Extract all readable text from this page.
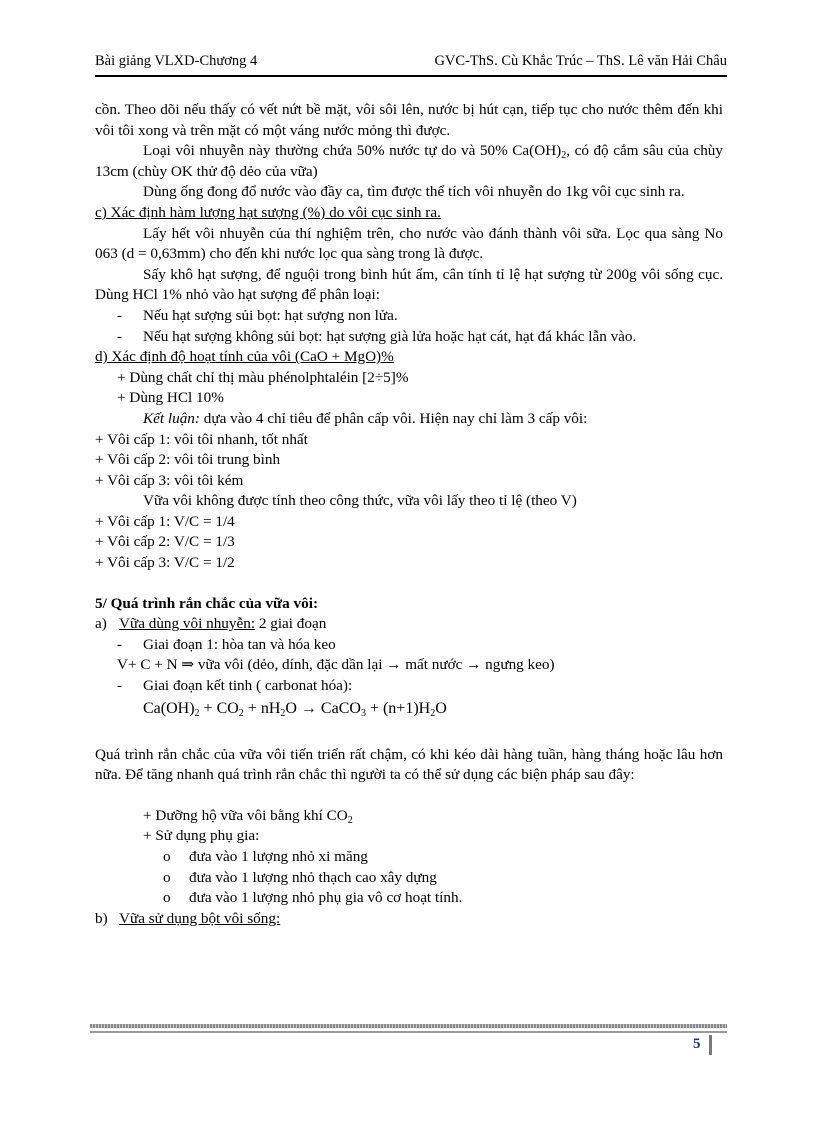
Bài giảng VLXD-Chương 4	GVC-ThS. Cù Khắc Trúc – ThS. Lê văn Hải Châu

cồn. Theo dõi nếu thấy có vết nứt bề mặt, vôi sôi lên, nước bị hút cạn, tiếp tục cho nước thêm đến khi vôi tôi xong và trên mặt có một váng nước mỏng thì được.

Loại vôi nhuyễn này thường chứa 50% nước tự do và 50% $Ca(OH)_2$, có độ cắm sâu của chùy 13cm (chùy OK thử độ dẻo của vữa)

Dùng ống đong đổ nước vào đầy ca, tìm được thể tích vôi nhuyễn do 1kg vôi cục sinh ra.

c) Xác định hàm lượng hạt sượng (%) do vôi cục sinh ra.

Lấy hết vôi nhuyễn của thí nghiệm trên, cho nước vào đánh thành vôi sữa. Lọc qua sàng No 063 (d = 0,63mm) cho đến khi nước lọc qua sàng trong là được.

Sấy khô hạt sượng, để nguội trong bình hút ẩm, cân tính tỉ lệ hạt sượng từ 200g vôi sống cục. Dùng HCl 1% nhỏ vào hạt sượng để phân loại:

-	Nếu hạt sượng sủi bọt: hạt sượng non lửa.
-	Nếu hạt sượng không sủi bọt: hạt sượng già lửa hoặc hạt cát, hạt đá khác lẫn vào.

d) Xác định độ hoạt tính của vôi (CaO + MgO)%

+ Dùng chất chỉ thị màu phénolphtaléin [2÷5]%

+ Dùng HCl 10%

Kết luận: dựa vào 4 chỉ tiêu để phân cấp vôi. Hiện nay chỉ làm 3 cấp vôi:

+ Vôi cấp 1: vôi tôi nhanh, tốt nhất

+ Vôi cấp 2: vôi tôi trung bình

+ Vôi cấp 3: vôi tôi kém

Vữa vôi không được tính theo công thức, vữa vôi lấy theo tỉ lệ (theo V)

+ Vôi cấp 1: V/C = 1/4

+ Vôi cấp 2: V/C = 1/3

+ Vôi cấp 3: V/C = 1/2

5/ Quá trình rắn chắc của vữa vôi:

a) Vữa dùng vôi nhuyễn: 2 giai đoạn
-	Giai đoạn 1: hòa tan và hóa keo

V+ C + N ⇒ vữa vôi (dẻo, dính, đặc dần lại → mất nước → ngưng keo)

-	Giai đoạn kết tinh ( carbonat hóa):

$Ca(OH)_2 + CO_2 + nH_2O$ → CaCO$_3$ + $(n+1)H_2O$

Quá trình rắn chắc của vữa vôi tiến triển rất chậm, có khi kéo dài hàng tuần, hàng tháng hoặc lâu hơn nữa. Để tăng nhanh quá trình rắn chắc thì người ta có thể sử dụng các biện pháp sau đây:

+ Dưỡng hộ vữa vôi bằng khí $CO_2$

+ Sử dụng phụ gia:

o	đưa vào 1 lượng nhỏ xi măng
o	đưa vào 1 lượng nhỏ thạch cao xây dựng
o	đưa vào 1 lượng nhỏ phụ gia vô cơ hoạt tính.
b) Vữa sử dụng bột vôi sống:
5
